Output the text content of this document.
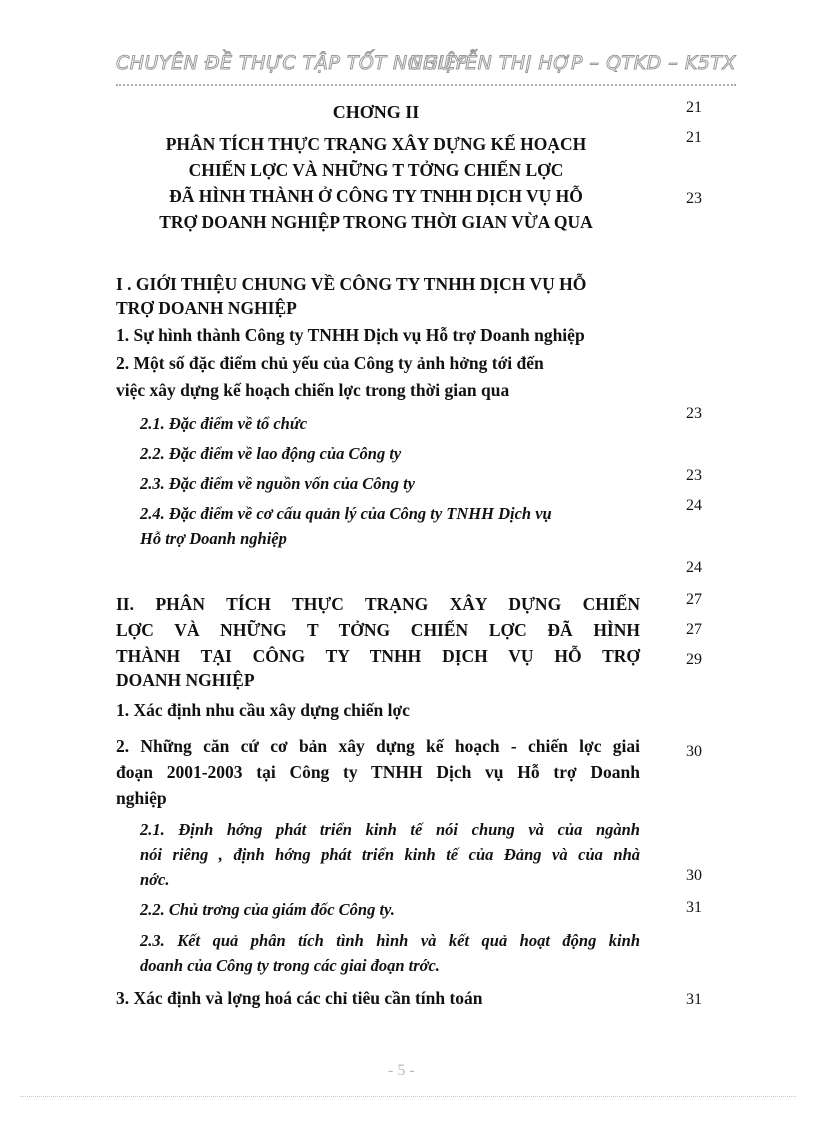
CHUYÊN ĐỀ THỰC TẬP TỐT NGHIỆP
NGUYỄN THỊ HỢP – QTKD – K5TX
CHƠNG II
PHÂN TÍCH THỰC TRẠNG XÂY DỰNG KẾ HOẠCH
CHIẾN LỢC VÀ NHỮNG T TỞNG CHIẾN LỢC
ĐÃ HÌNH THÀNH Ở CÔNG TY TNHH DỊCH VỤ HỖ
TRỢ DOANH NGHIỆP TRONG THỜI GIAN VỪA QUA
I . GIỚI THIỆU CHUNG VỀ CÔNG TY TNHH DỊCH VỤ HỖ
TRỢ DOANH NGHIỆP
1. Sự hình thành Công ty TNHH Dịch vụ Hỗ trợ Doanh nghiệp
2. Một số đặc điểm chủ yếu của Công ty ảnh hởng tới đến
việc xây dựng kế hoạch chiến lợc trong thời gian qua
2.1. Đặc điểm về tổ chức
2.2. Đặc điểm về lao động của Công ty
2.3. Đặc điểm về nguồn vốn của Công ty
2.4. Đặc điểm về cơ cấu quản lý của Công ty TNHH Dịch vụ
Hỗ trợ Doanh nghiệp
II. PHÂN TÍCH THỰC TRẠNG XÂY DỰNG CHIẾN
LỢC VÀ NHỮNG T TỞNG CHIẾN LỢC ĐÃ HÌNH
THÀNH TẠI CÔNG TY TNHH DỊCH VỤ HỖ TRỢ
DOANH NGHIỆP
1. Xác định nhu cầu xây dựng chiến lợc
2. Những căn cứ cơ bản xây dựng kế hoạch - chiến lợc giai
đoạn 2001-2003 tại Công ty TNHH Dịch vụ Hỗ trợ Doanh
nghiệp
2.1. Định hớng phát triển kinh tế nói chung và của ngành
nói riêng , định hớng phát triển kinh tế của Đảng và của nhà
nớc.
2.2. Chủ trơng của giám đốc Công ty.
2.3. Kết quả phân tích tình hình và kết quả hoạt động kinh
doanh của Công ty trong các giai đoạn trớc.
3. Xác định và lợng hoá các chỉ tiêu cần tính toán
21
21
23
23
23
24
24
27
27
29
30
30
31
31
- 5 -
